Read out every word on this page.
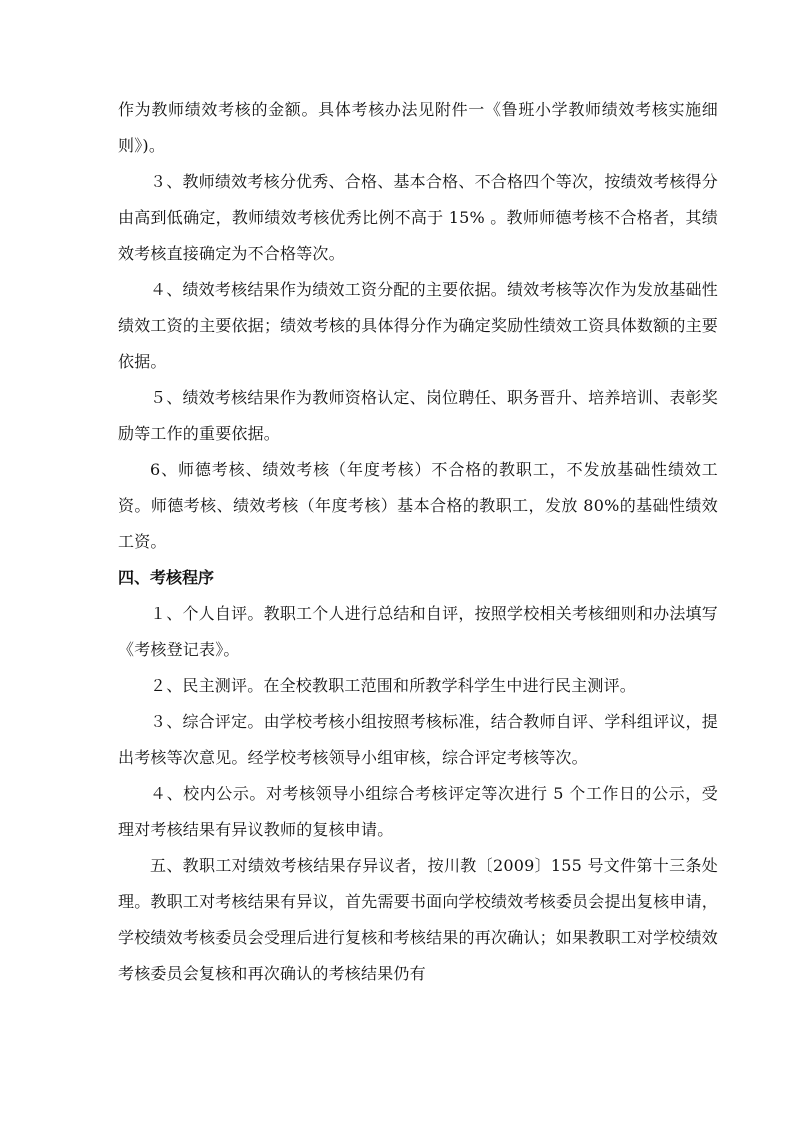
作为教师绩效考核的金额。具体考核办法见附件一《鲁班小学教师绩效考核实施细则》)。

３、教师绩效考核分优秀、合格、基本合格、不合格四个等次，按绩效考核得分由高到低确定，教师绩效考核优秀比例不高于 15% 。教师师德考核不合格者，其绩效考核直接确定为不合格等次。

４、绩效考核结果作为绩效工资分配的主要依据。绩效考核等次作为发放基础性绩效工资的主要依据；绩效考核的具体得分作为确定奖励性绩效工资具体数额的主要依据。

５、绩效考核结果作为教师资格认定、岗位聘任、职务晋升、培养培训、表彰奖励等工作的重要依据。

6、师德考核、绩效考核（年度考核）不合格的教职工，不发放基础性绩效工资。师德考核、绩效考核（年度考核）基本合格的教职工，发放 80%的基础性绩效工资。

四、考核程序

１、个人自评。教职工个人进行总结和自评，按照学校相关考核细则和办法填写《考核登记表》。

２、民主测评。在全校教职工范围和所教学科学生中进行民主测评。

３、综合评定。由学校考核小组按照考核标准，结合教师自评、学科组评议，提出考核等次意见。经学校考核领导小组审核，综合评定考核等次。

４、校内公示。对考核领导小组综合考核评定等次进行 5 个工作日的公示，受理对考核结果有异议教师的复核申请。

五、教职工对绩效考核结果存异议者，按川教〔2009〕155 号文件第十三条处理。教职工对考核结果有异议，首先需要书面向学校绩效考核委员会提出复核申请，学校绩效考核委员会受理后进行复核和考核结果的再次确认；如果教职工对学校绩效考核委员会复核和再次确认的考核结果仍有
